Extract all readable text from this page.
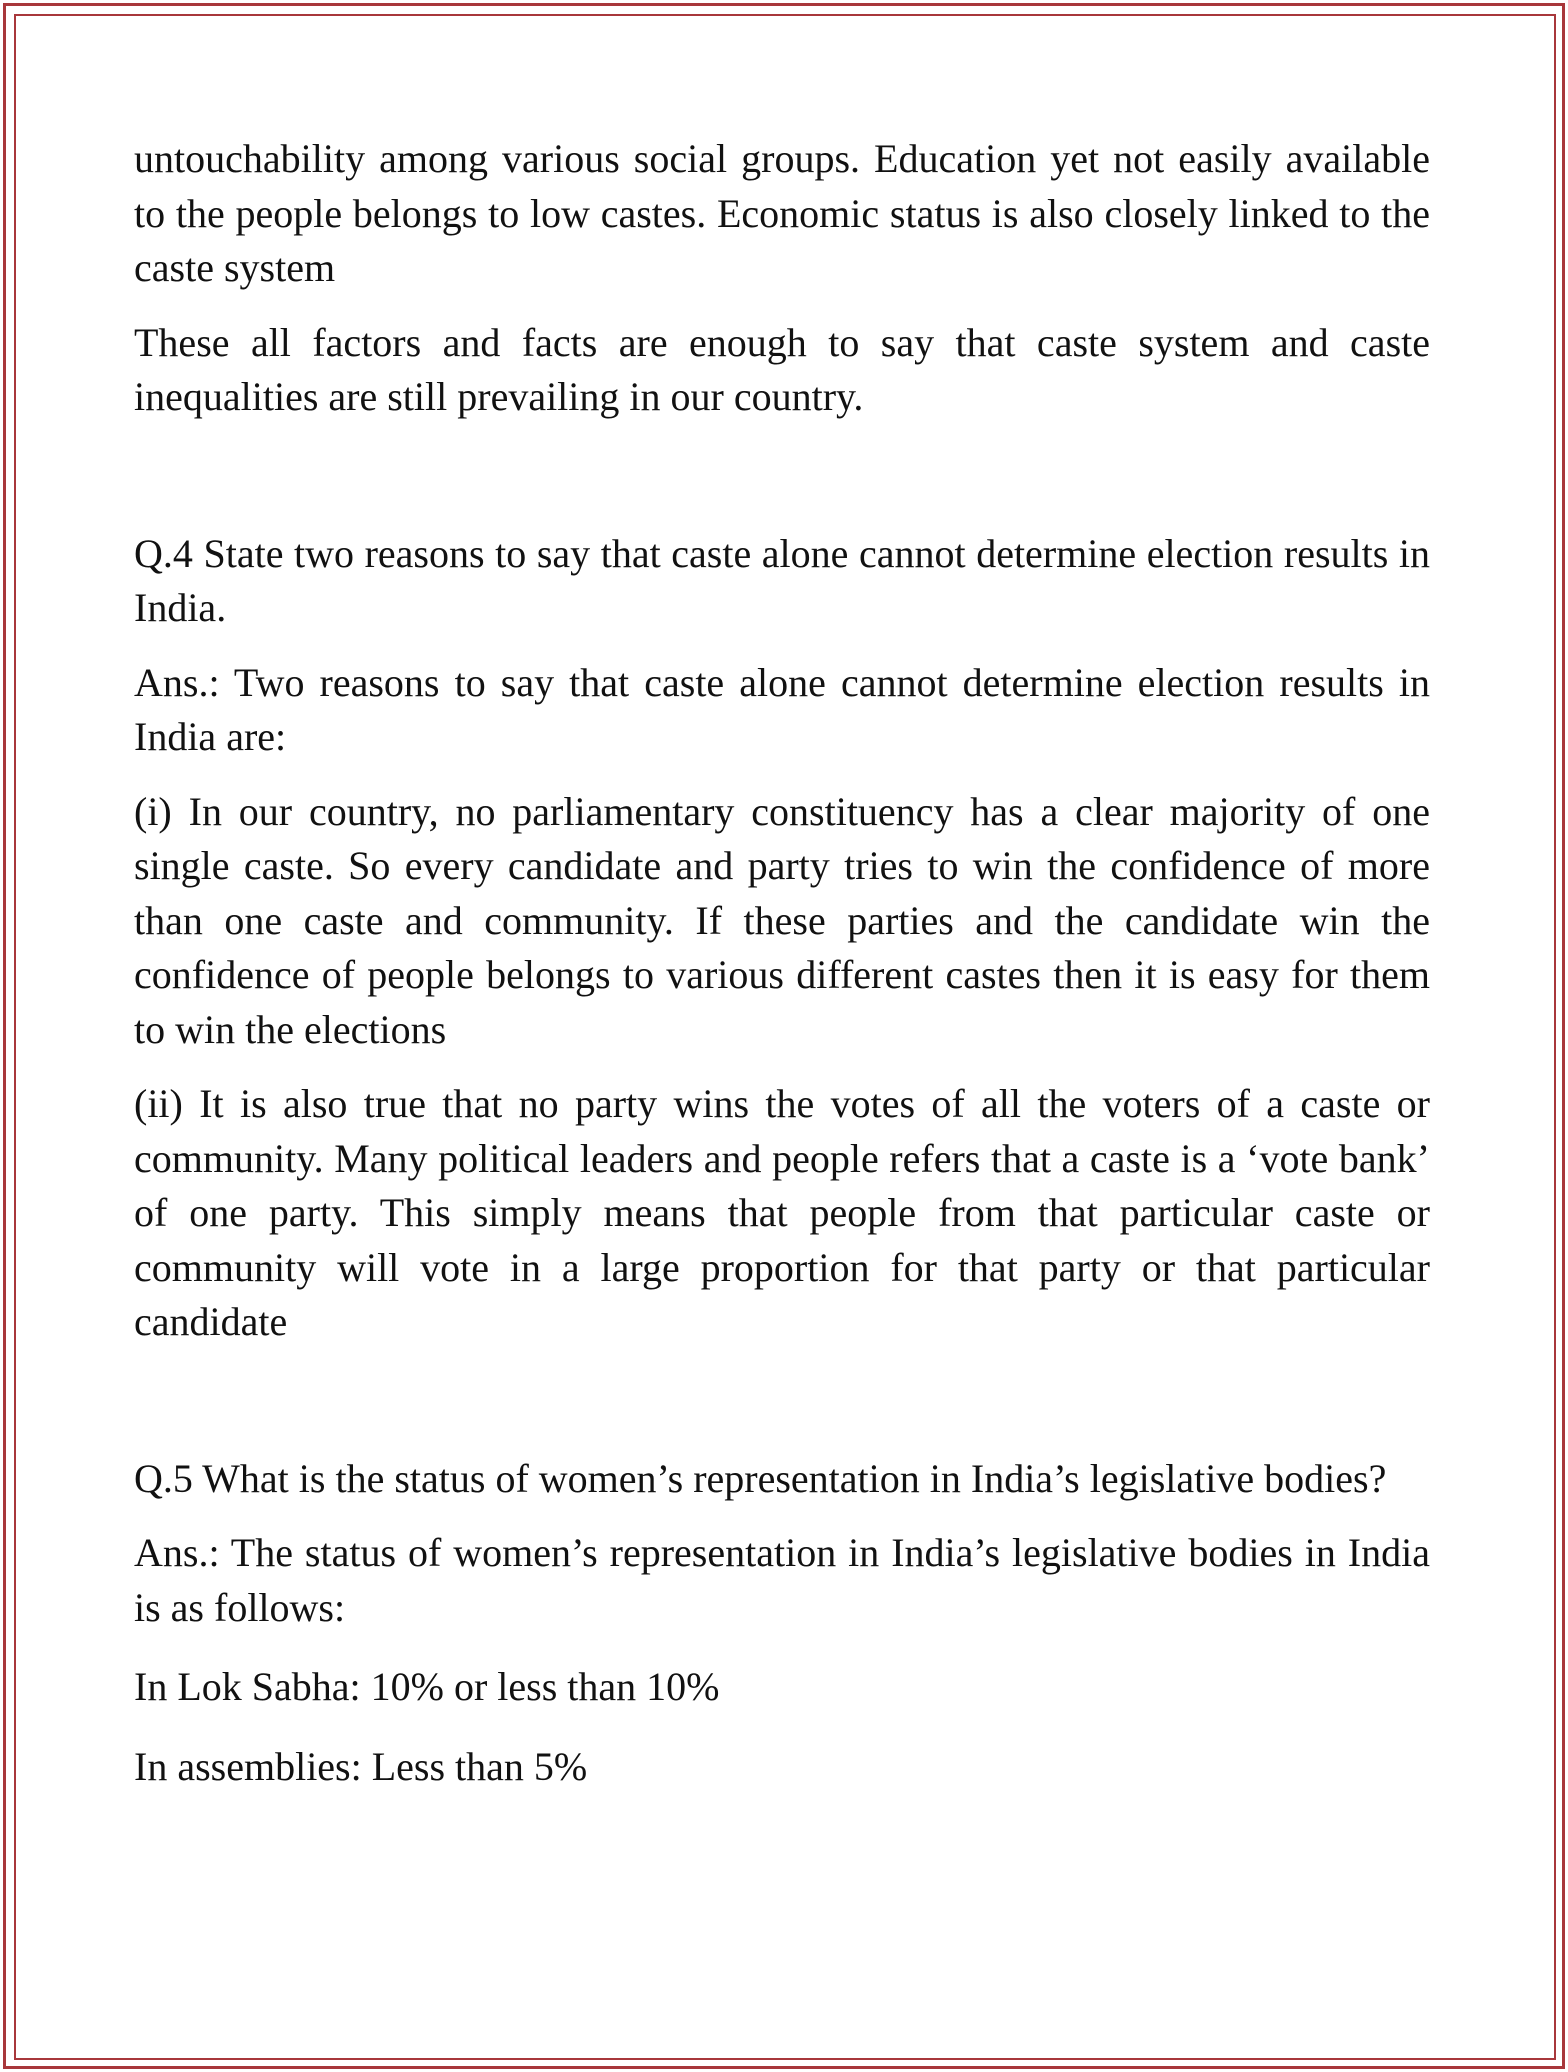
untouchability among various social groups. Education yet not easily available to the people belongs to low castes. Economic status is also closely linked to the caste system

These all factors and facts are enough to say that caste system and caste inequalities are still prevailing in our country.

Q.4 State two reasons to say that caste alone cannot determine election results in India.

Ans.: Two reasons to say that caste alone cannot determine election results in India are:

(i) In our country, no parliamentary constituency has a clear majority of one single caste. So every candidate and party tries to win the confidence of more than one caste and community. If these parties and the candidate win the confidence of people belongs to various different castes then it is easy for them to win the elections

(ii) It is also true that no party wins the votes of all the voters of a caste or community. Many political leaders and people refers that a caste is a ‘vote bank’ of one party. This simply means that people from that particular caste or community will vote in a large proportion for that party or that particular candidate

Q.5 What is the status of women’s representation in India’s legislative bodies?

Ans.: The status of women’s representation in India’s legislative bodies in India is as follows:

In Lok Sabha: 10% or less than 10%

In assemblies: Less than 5%
